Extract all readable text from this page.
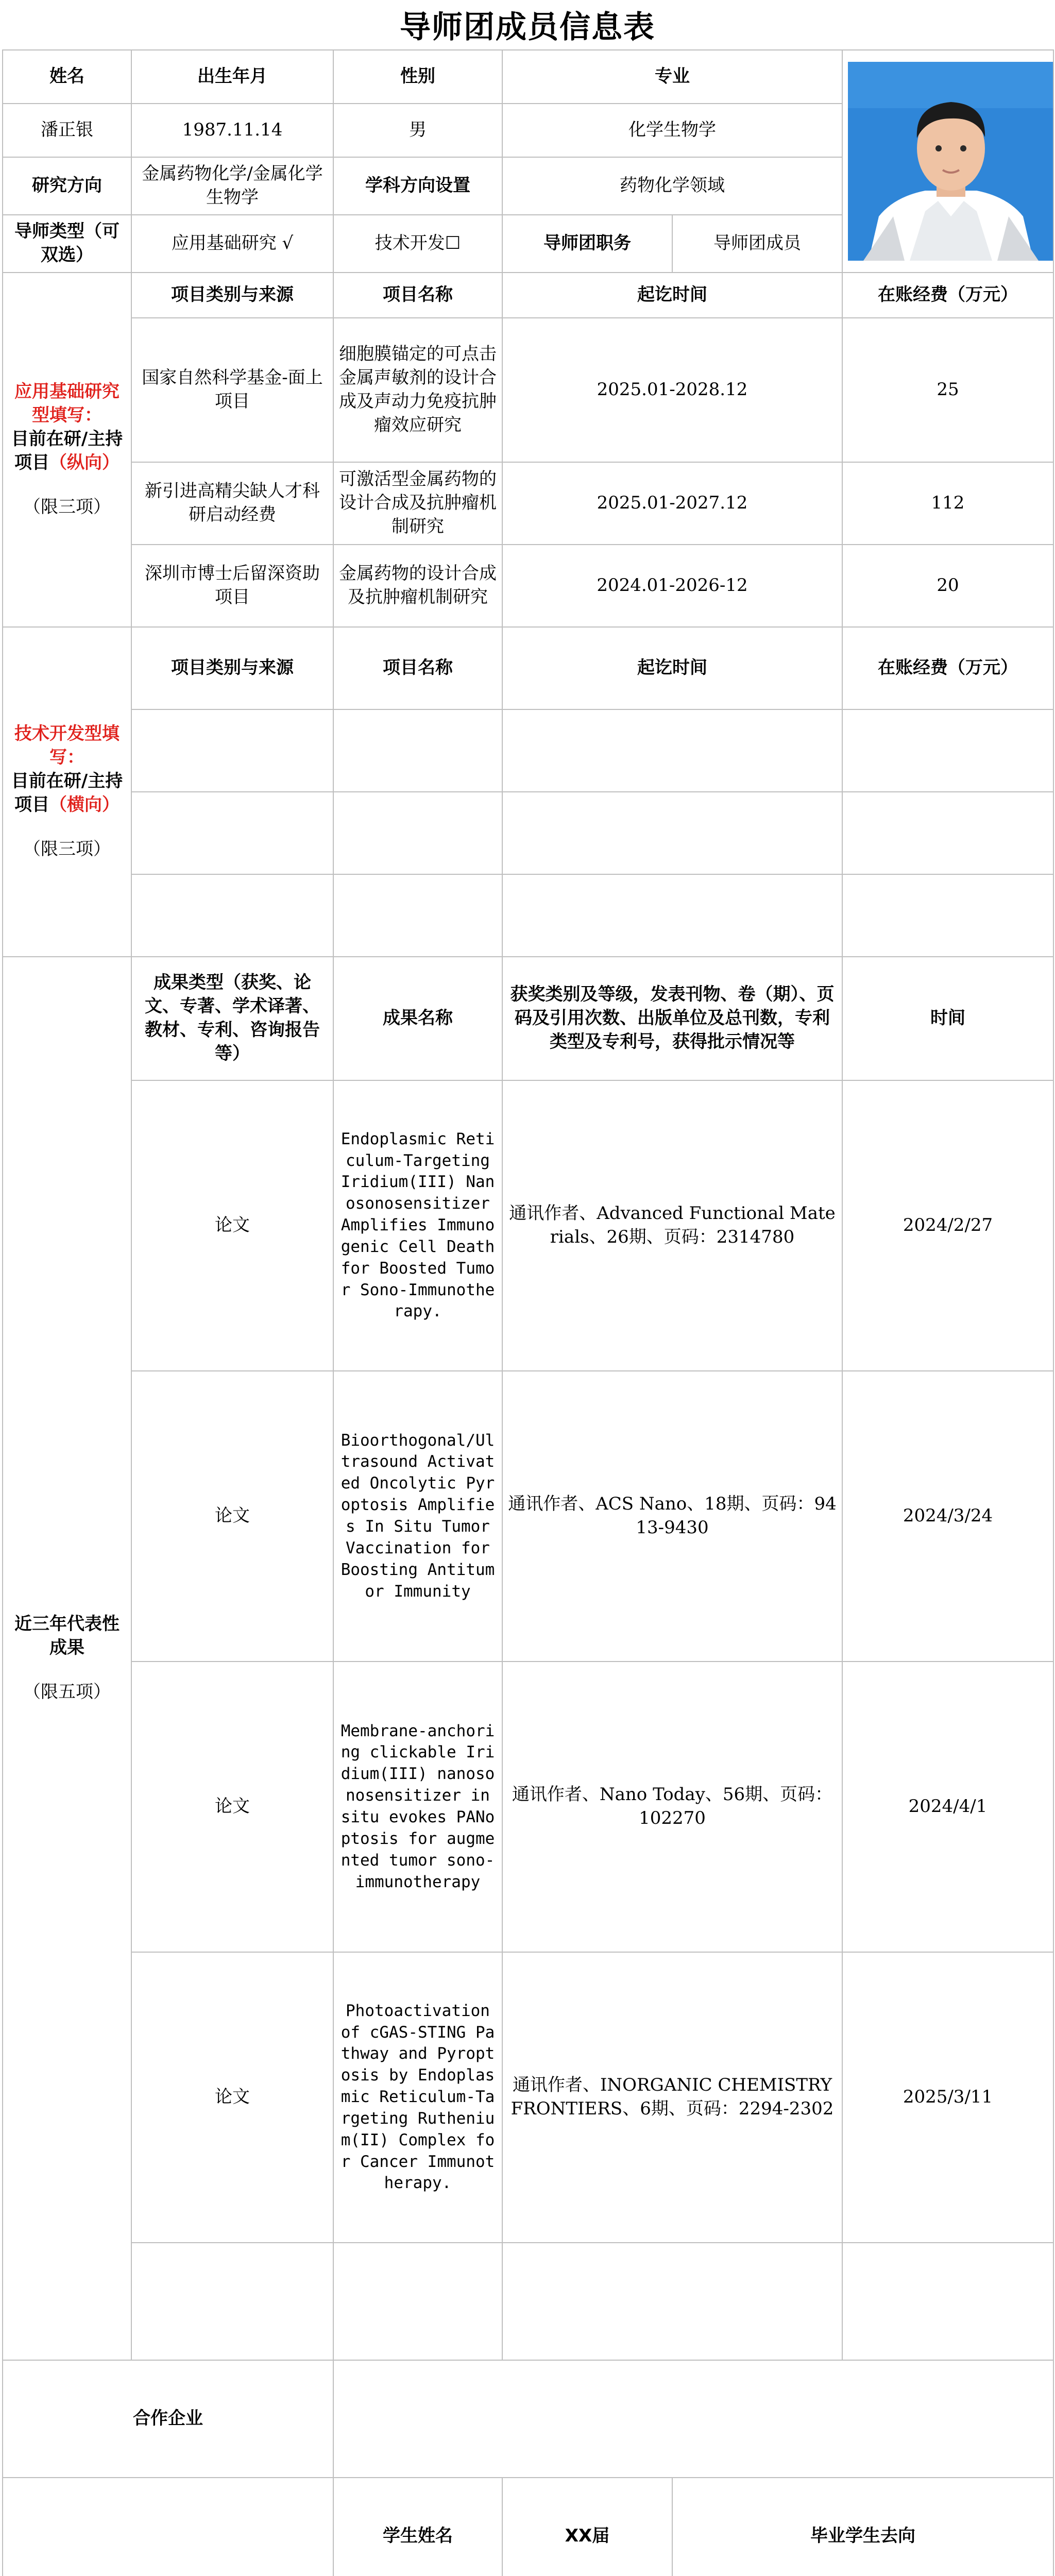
导师团成员信息表
姓名	出生年月	性别	专业	

潘正银	1987.11.14	男	化学生物学		
研究方向	金属药物化学/金属化学生物学	学科方向设置	药物化学领域		
导师类型（可双选）	应用基础研究 √	技术开发☐	导师团职务	导师团成员	
应用基础研究型填写：
目前在研/主持项目（纵向）
（限三项）	项目类别与来源	项目名称	起讫时间		在账经费（万元）
	国家自然科学基金-面上项目	细胞膜锚定的可点击金属声敏剂的设计合成及声动力免疫抗肿瘤效应研究	2025.01-2028.12		25
	新引进高精尖缺人才科研启动经费	可激活型金属药物的设计合成及抗肿瘤机制研究	2025.01-2027.12		112
	深圳市博士后留深资助项目	金属药物的设计合成及抗肿瘤机制研究	2024.01-2026-12		20
技术开发型填写：
目前在研/主持项目（横向）
（限三项）	项目类别与来源	项目名称	起讫时间		在账经费（万元）

近三年代表性成果
（限五项）	成果类型（获奖、论文、专著、学术译著、教材、专利、咨询报告等）	成果名称	获奖类别及等级，发表刊物、卷（期）、页码及引用次数、出版单位及总刊数，专利类型及专利号，获得批示情况等		时间
	论文	Endoplasmic Reticulum-Targeting Iridium(III) Nanosonosensitizer Amplifies Immunogenic Cell Death for Boosted Tumor Sono-Immunotherapy.	通讯作者、Advanced Functional Materials、26期、页码：2314780		2024/2/27
	论文	Bioorthogonal/Ultrasound Activated Oncolytic Pyroptosis Amplifies In Situ Tumor Vaccination for Boosting Antitumor Immunity	通讯作者、ACS Nano、18期、页码：9413-9430		2024/3/24
	论文	Membrane-anchoring clickable Iridium(III) nanosonosensitizer in situ evokes PANoptosis for augmented tumor sono-immunotherapy	通讯作者、Nano Today、56期、页码：102270		2024/4/1
	论文	Photoactivation of cGAS-STING Pathway and Pyroptosis by Endoplasmic Reticulum-Targeting Ruthenium(II) Complex for Cancer Immunotherapy.	通讯作者、INORGANIC CHEMISTRY FRONTIERS、6期、页码：2294-2302		2025/3/11

合作企业					
	学生姓名	XX届	毕业学生去向	
